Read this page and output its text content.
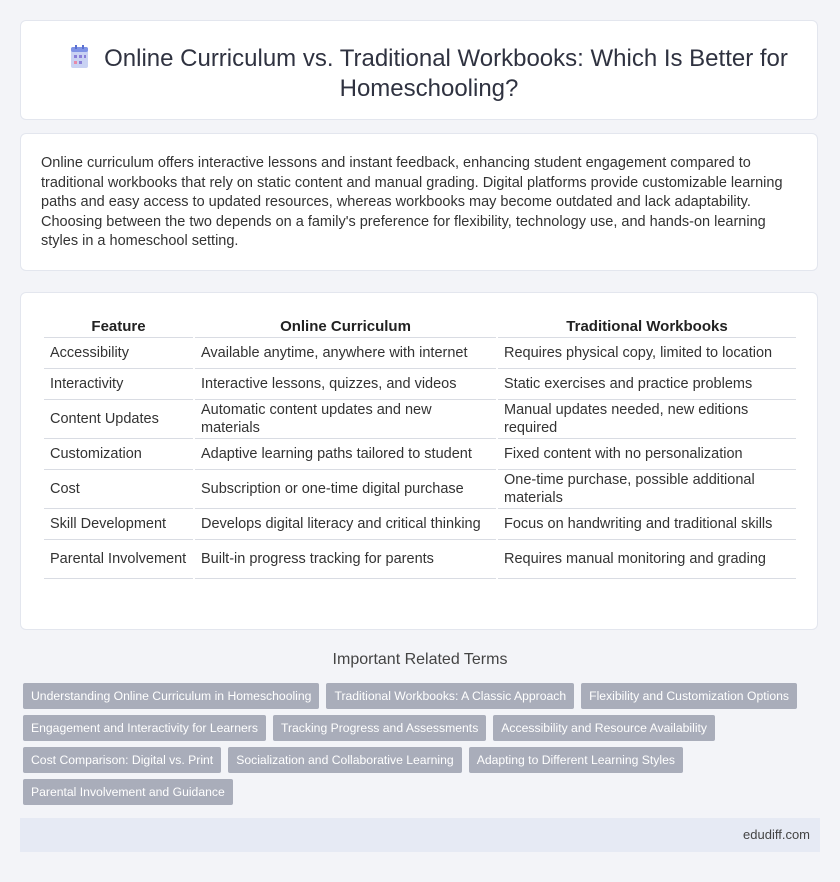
Online Curriculum vs. Traditional Workbooks: Which Is Better for Homeschooling?

Online curriculum offers interactive lessons and instant feedback, enhancing student engagement compared to traditional workbooks that rely on static content and manual grading. Digital platforms provide customizable learning paths and easy access to updated resources, whereas workbooks may become outdated and lack adaptability. Choosing between the two depends on a family's preference for flexibility, technology use, and hands-on learning styles in a homeschool setting.

Feature	Online Curriculum	Traditional Workbooks
Accessibility	Available anytime, anywhere with internet	Requires physical copy, limited to location
Interactivity	Interactive lessons, quizzes, and videos	Static exercises and practice problems
Content Updates	Automatic content updates and new materials	Manual updates needed, new editions required
Customization	Adaptive learning paths tailored to student	Fixed content with no personalization
Cost	Subscription or one-time digital purchase	One-time purchase, possible additional materials
Skill Development	Develops digital literacy and critical thinking	Focus on handwriting and traditional skills
Parental Involvement	Built-in progress tracking for parents	Requires manual monitoring and grading
Important Related Terms
Understanding Online Curriculum in Homeschooling	Traditional Workbooks: A Classic Approach	Flexibility and Customization Options
Engagement and Interactivity for Learners	Tracking Progress and Assessments	Accessibility and Resource Availability
Cost Comparison: Digital vs. Print	Socialization and Collaborative Learning	Adapting to Different Learning Styles
Parental Involvement and Guidance
edudiff.com
